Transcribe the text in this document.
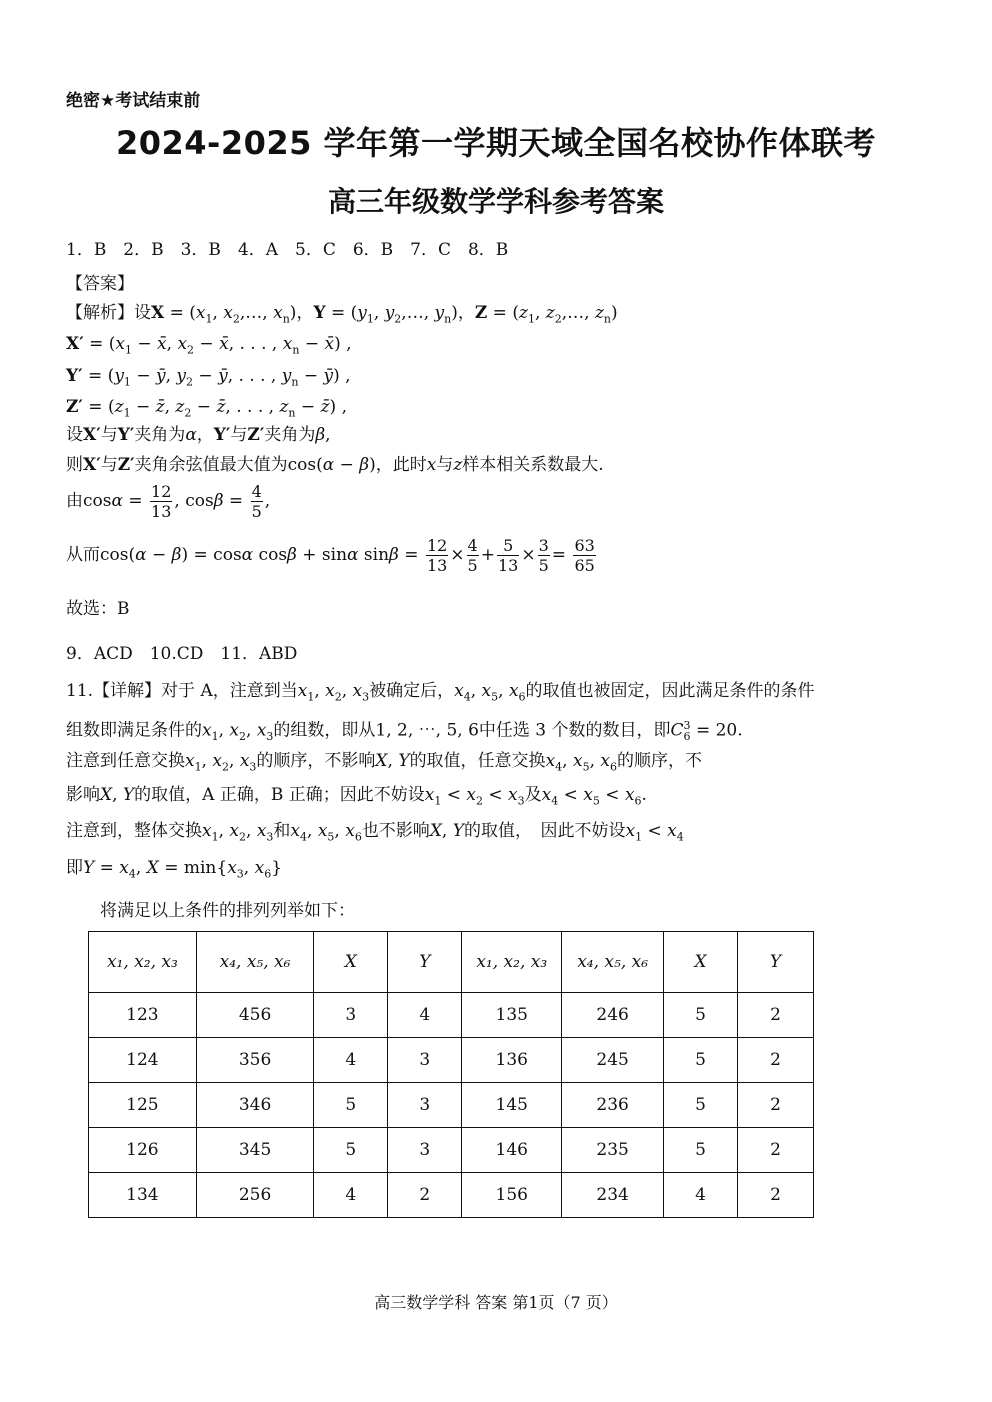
绝密★考试结束前
2024-2025 学年第一学期天域全国名校协作体联考
高三年级数学学科参考答案
1．B　2．B　3．B　4．A　5．C　6．B　7．C　8．B
【答案】
【解析】设$X = (x_1$, $x_2,\dots$, $x_n$)，$Y = (y_1$, $y_2,\dots$, $y_n$)，$Z = (z_1$, $z_2,\dots$, $z_n$)
$X' = (x_1$ − x̄, $x_2$ − x̄, . . . , $x_n$ − x̄) ,
$Y' = (y_1$ − ȳ, $y_2$ − ȳ, . . . , $y_n$ − ȳ) ,
$Z' = (z_1$ − z̄, $z_2$ − z̄, . . . , $z_n$ − z̄) ,
设X′与Y′夹角为α，Y′与Z′夹角为β,
则X′与Z′夹角余弦值最大值为cos(α − β)，此时x与z样本相关系数最大.
由$\cos\alpha = \frac{12}{13}$ , $\cos\beta = \frac{4}{5}$ ,
从而cos(α − β) = cosα cosβ + sinα $\sin\beta = \frac{12}{13} \times \frac{4}{5} + \frac{5}{13} \times \frac{3}{5} = \frac{63}{65}$
故选：B
9．ACD　10.CD　11．ABD
11.【详解】对于 A，注意到当$x_1$, $x_2$, $x_3$被确定后，$x_4$, $x_5$, $x_6$的取值也被固定，因此满足条件的条件
组数即满足条件的$x_1$, $x_2$, $x_3$的组数，即从1, 2, ⋯, 5, 6中任选 3 个数的数目，即$C_6^3 = 20$.
注意到任意交换$x_1$, $x_2$, $x_3$的顺序，不影响X, Y的取值，任意交换$x_4$, $x_5$, $x_6$的顺序，不
影响X, Y的取值，A 正确，B 正确；因此不妨设$x_1 < x_2 < x_3$及$x_4 < x_5 < x_6$.
注意到，整体交换$x_1$, $x_2$, $x_3$和$x_4$, $x_5$, $x_6$也不影响X, Y的取值，　因此不妨设$x_1 < x_4$
即$Y = x_4$, $X = \min\{x_3$, $x_6$}
将满足以上条件的排列列举如下：
x₁, x₂, x₃	x₄, x₅, x₆	X	Y	x₁, x₂, x₃	x₄, x₅, x₆	X	Y
123	456	3	4	135	246	5	2
124	356	4	3	136	245	5	2
125	346	5	3	145	236	5	2
126	345	5	3	146	235	5	2
134	256	4	2	156	234	4	2
高三数学学科 答案 第1页（7 页）
